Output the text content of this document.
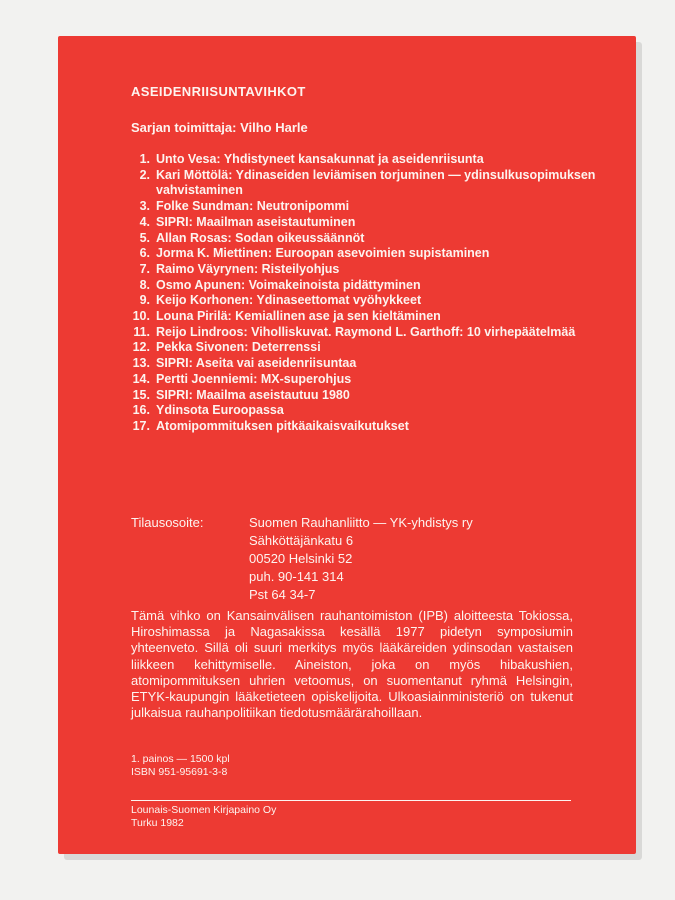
ASEIDENRIISUNTAVIHKOT
Sarjan toimittaja: Vilho Harle
1. Unto Vesa: Yhdistyneet kansakunnat ja aseidenriisunta
2. Kari Möttölä: Ydinaseiden leviämisen torjuminen — ydinsulkusopimuksen vahvistaminen
3. Folke Sundman: Neutronipommi
4. SIPRI: Maailman aseistautuminen
5. Allan Rosas: Sodan oikeussäännöt
6. Jorma K. Miettinen: Euroopan asevoimien supistaminen
7. Raimo Väyrynen: Risteilyohjus
8. Osmo Apunen: Voimakeinoista pidättyminen
9. Keijo Korhonen: Ydinaseettomat vyöhykkeet
10. Louna Pirilä: Kemiallinen ase ja sen kieltäminen
11. Reijo Lindroos: Viholliskuvat. Raymond L. Garthoff: 10 virhepäätelmää
12. Pekka Sivonen: Deterrenssi
13. SIPRI: Aseita vai aseidenriisuntaa
14. Pertti Joenniemi: MX-superohjus
15. SIPRI: Maailma aseistautuu 1980
16. Ydinsota Euroopassa
17. Atomipommituksen pitkäaikaisvaikutukset
Tilausosoite:	Suomen Rauhanliitto — YK-yhdistys ry
Sähköttäjänkatu 6
00520 Helsinki 52
puh. 90-141 314
Pst 64 34-7
Tämä vihko on Kansainvälisen rauhantoimiston (IPB) aloitteesta Tokiossa, Hiroshimassa ja Nagasakissa kesällä 1977 pidetyn symposiumin yhteenveto. Sillä oli suuri merkitys myös lääkäreiden ydinsodan vastaisen liikkeen kehittymiselle. Aineiston, joka on myös hibakushien, atomipommituksen uhrien vetoomus, on suomentanut ryhmä Helsingin, ETYK-kaupungin lääketieteen opiskelijoita. Ulkoasiainministeriö on tukenut julkaisua rauhanpolitiikan tiedotusmäärärahoillaan.
1. painos — 1500 kpl
ISBN 951-95691-3-8
Lounais-Suomen Kirjapaino Oy
Turku 1982
